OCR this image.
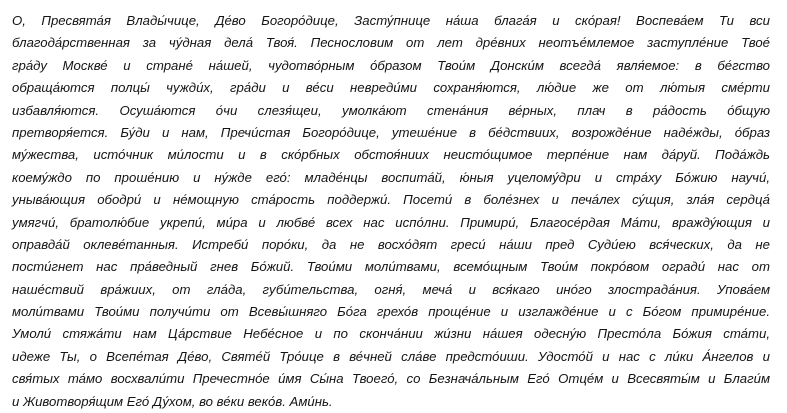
О, Пресвята́я Влады́чице, Де́во Богоро́дице, Засту́пнице на́ша блага́я и ско́рая! Воспева́ем Ти вси
благода́рственная за чу́дная дела́ Твоя́. Песнословим от лет дре́вних неотъе́млемое заступле́ние Твое́
гра́ду Москве́ и стране́ на́шей, чудотво́рным о́бразом Твои́м Донски́м всегда́ явля́емое: в бе́гство
обраща́ются полцы́ чужди́х, гра́ди и ве́си невреди́ми сохраня́ются, лю́дие же от лю́тыя сме́рти
избавля́ются. Осуша́ются о́чи слезя́щеи, умолка́ют стена́ния ве́рных, плач в ра́дость о́бщую
претворя́ется. Бу́ди и нам, Пречи́стая Богоро́дице, утеше́ние в бе́дствиих, возрожде́ние наде́жды, о́браз
му́жества, исто́чник ми́лости и в ско́рбных обстоя́ниих неисто́щимое терпе́ние нам да́руй. Пода́ждь
коему́ждо по проше́нию и ну́жде его́: младе́нцы воспита́й, ю́ныя уцелому́дри и стра́ху Бо́жию научи́,
уныва́ющия ободри́ и не́мощную ста́рость поддержи́. Посети́ в боле́знех и печа́лех су́щия, зла́я сердца́
умягчи́, братолю́бие укрепи́, ми́ра и любве́ всех нас испо́лни. Примири́, Благосе́рдая Ма́ти, вражду́ющия и
оправда́й оклеве́танныя. Истреби́ поро́ки, да не восхо́дят греси́ на́ши пред Суди́ею вся́ческих, да не
пости́гнет нас пра́ведный гнев Бо́жий. Твои́ми моли́твами, всемо́щным Твои́м покро́вом огради́ нас от
наше́ствий вра́жиих, от гла́да, губи́тельства, огня́, меча́ и вся́каго ино́го злострада́ния. Упова́ем
моли́твами Твои́ми получи́ти от Всевы́шняго Бо́га грехо́в проще́ние и изглажде́ние и с Бо́гом примире́ние.
Умоли́ стяжа́ти нам Ца́рствие Небе́сное и по сконча́нии жи́зни на́шея одесну́ю Престо́ла Бо́жия ста́ти,
идеже Ты, о Всепе́тая Де́во, Святе́й Тро́ице в ве́чней сла́ве предсто́иши. Удосто́й и нас с ли́ки А́нгелов и
свя́тых та́мо восхвали́ти Пречестно́е и́мя Сы́на Твоего́, со Безнача́льным Его́ Отце́м и Всесвяты́м и Благи́м
и Животворя́щим Его́ Ду́хом, во ве́ки веко́в. Ами́нь.
